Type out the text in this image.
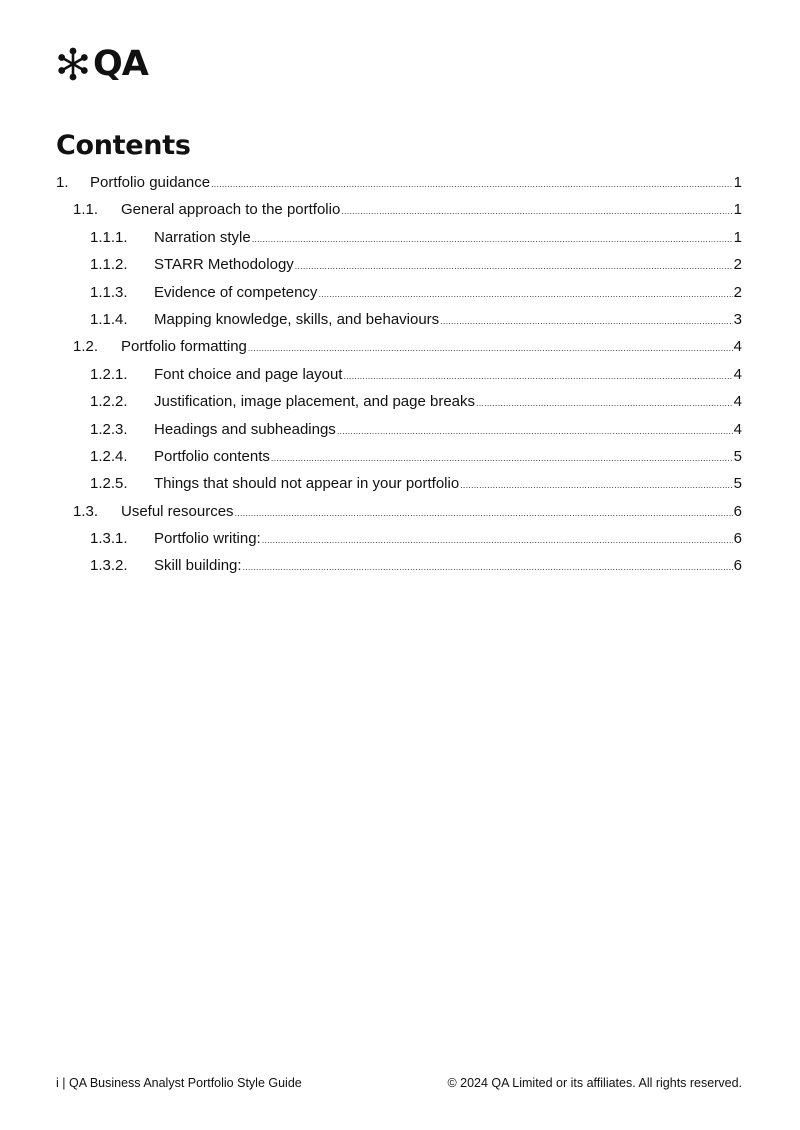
QA
Contents
1.	Portfolio guidance .....	1
1.1.	General approach to the portfolio .....	1
1.1.1.	Narration style .....	1
1.1.2.	STARR Methodology .....	2
1.1.3.	Evidence of competency .....	2
1.1.4.	Mapping knowledge, skills, and behaviours .....	3
1.2.	Portfolio formatting .....	4
1.2.1.	Font choice and page layout .....	4
1.2.2.	Justification, image placement, and page breaks .....	4
1.2.3.	Headings and subheadings .....	4
1.2.4.	Portfolio contents .....	5
1.2.5.	Things that should not appear in your portfolio .....	5
1.3.	Useful resources .....	6
1.3.1.	Portfolio writing: .....	6
1.3.2.	Skill building: .....	6
i | QA Business Analyst Portfolio Style Guide	© 2024 QA Limited or its affiliates. All rights reserved.
